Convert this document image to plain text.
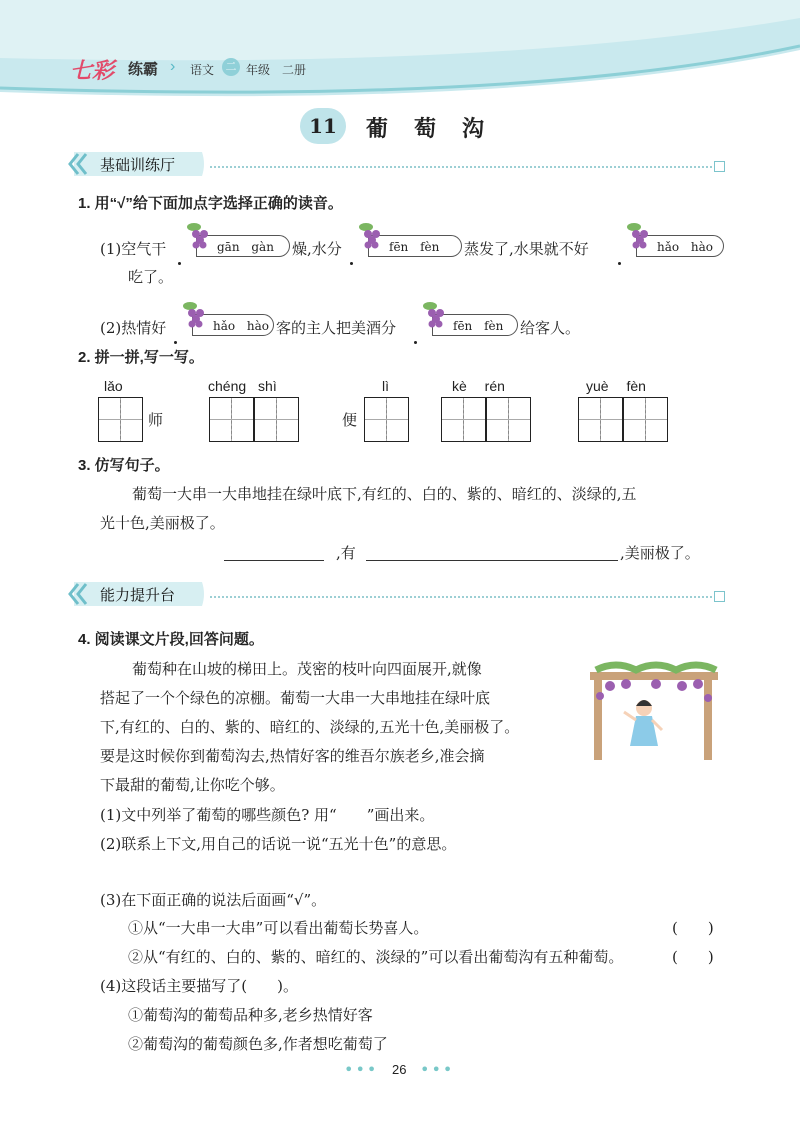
七彩 练霸 › 语文	二 年级 二册
11	葡萄沟
基础训练厅
1. 用“√”给下面加点字选择正确的读音。
(1)空气干	gān gàn	燥,水分	fēn fèn	蒸发了,水果就不好	hǎo hào
吃了。
(2)热情好	hǎo hào 客的主人把美酒分	fēn fèn	给客人。
2. 拼一拼,写一写。
lǎo
师
chéng shì
便
lì	kè rén	yuè fèn
3. 仿写句子。
葡萄一大串一大串地挂在绿叶底下,有红的、白的、紫的、暗红的、淡绿的,五
光十色,美丽极了。
,有	,美丽极了。
能力提升台
4. 阅读课文片段,回答问题。
葡萄种在山坡的梯田上。茂密的枝叶向四面展开,就像
搭起了一个个绿色的凉棚。葡萄一大串一大串地挂在绿叶底
下,有红的、白的、紫的、暗红的、淡绿的,五光十色,美丽极了。
要是这时候你到葡萄沟去,热情好客的维吾尔族老乡,准会摘
下最甜的葡萄,让你吃个够。
(1)文中列举了葡萄的哪些颜色? 用“　　”画出来。
(2)联系上下文,用自己的话说一说“五光十色”的意思。
(3)在下面正确的说法后面画“√”。
①从“一大串一大串”可以看出葡萄长势喜人。	(　　)
②从“有红的、白的、紫的、暗红的、淡绿的”可以看出葡萄沟有五种葡萄。	(　　)
(4)这段话主要描写了(　　)。
①葡萄沟的葡萄品种多,老乡热情好客
②葡萄沟的葡萄颜色多,作者想吃葡萄了
••• 26 •••
